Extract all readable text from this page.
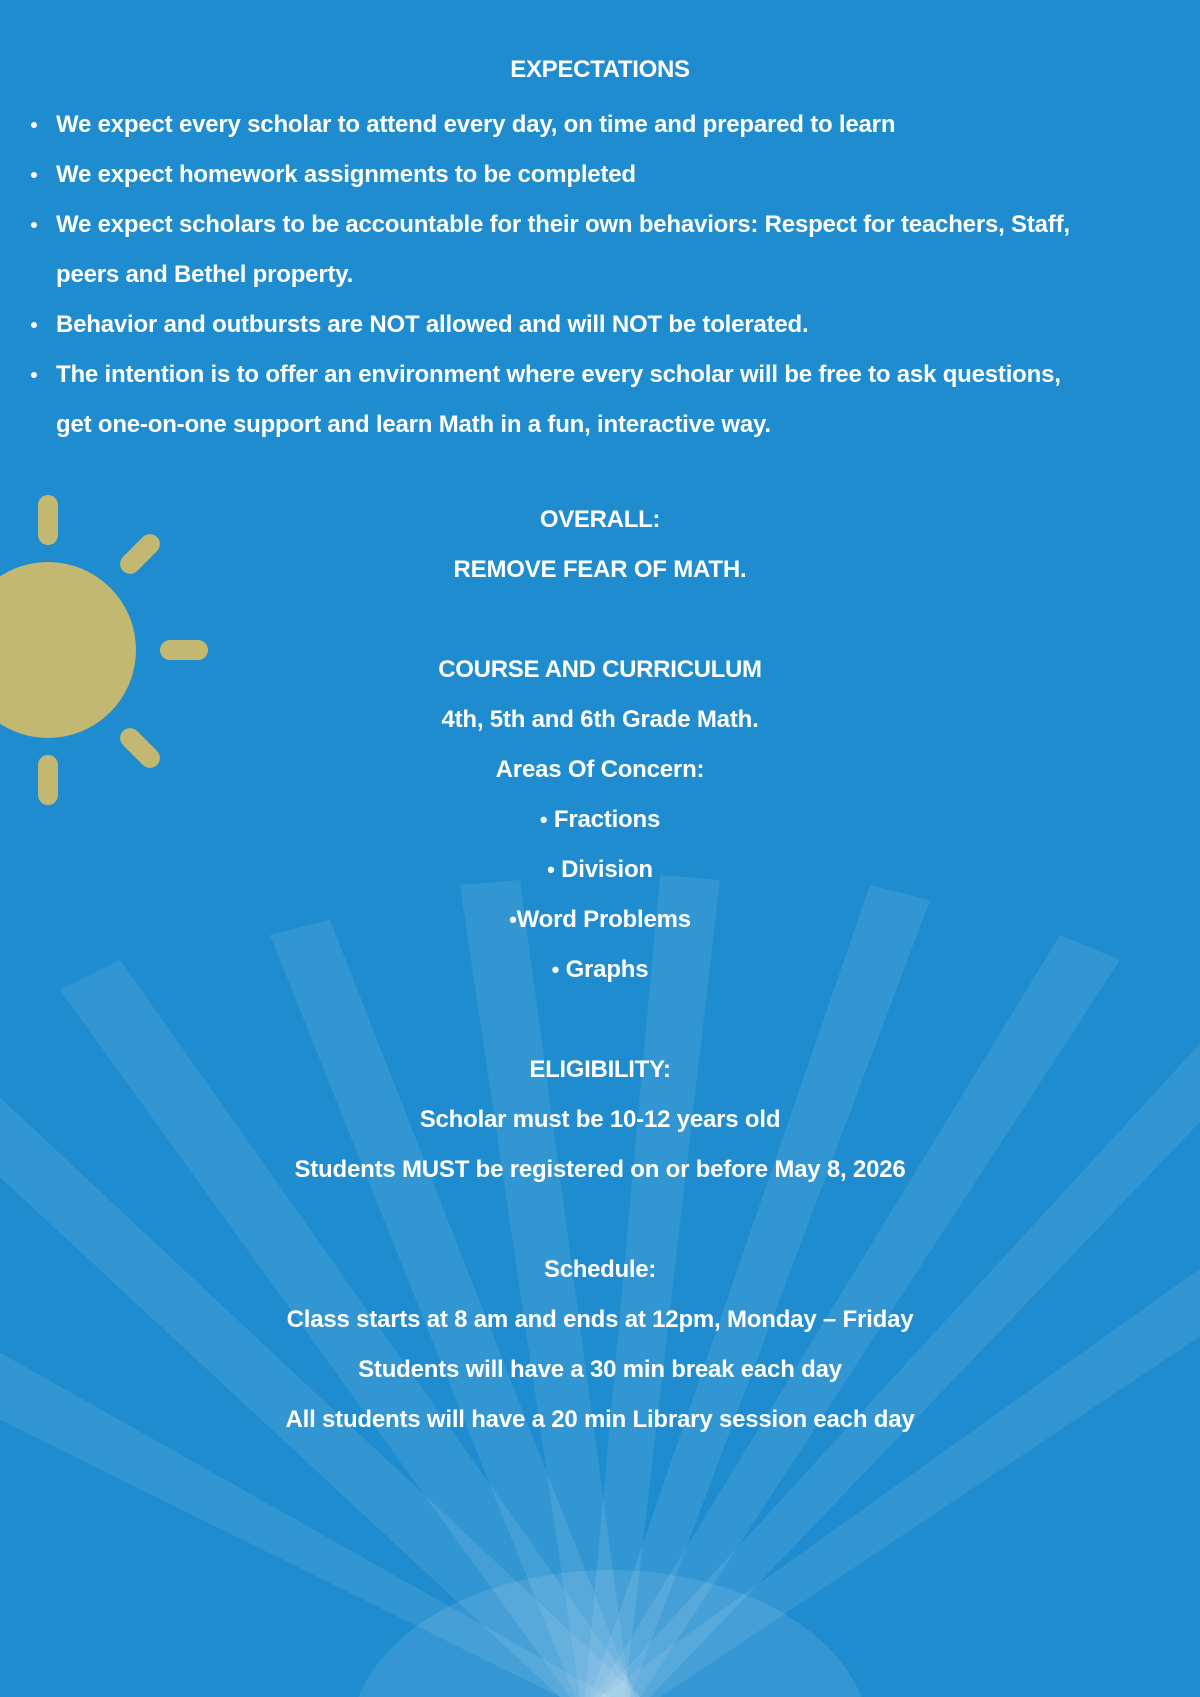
EXPECTATIONS
We expect every scholar to attend every day, on time and prepared to learn
We expect homework assignments to be completed
We expect scholars to be accountable for their own behaviors: Respect for teachers, Staff,
peers and Bethel property.
Behavior and outbursts are NOT allowed and will NOT be tolerated.
The intention is to offer an environment where every scholar will be free to ask questions,
get one-on-one support and learn Math in a fun, interactive way.
OVERALL:
REMOVE FEAR OF MATH.
COURSE AND CURRICULUM
4th, 5th and 6th Grade Math.
Areas Of Concern:
• Fractions
• Division
•Word Problems
• Graphs
ELIGIBILITY:
Scholar must be 10-12 years old
Students MUST be registered on or before May 8, 2026
Schedule:
Class starts at 8 am and ends at 12pm, Monday – Friday
Students will have a 30 min break each day
All students will have a 20 min Library session each day
